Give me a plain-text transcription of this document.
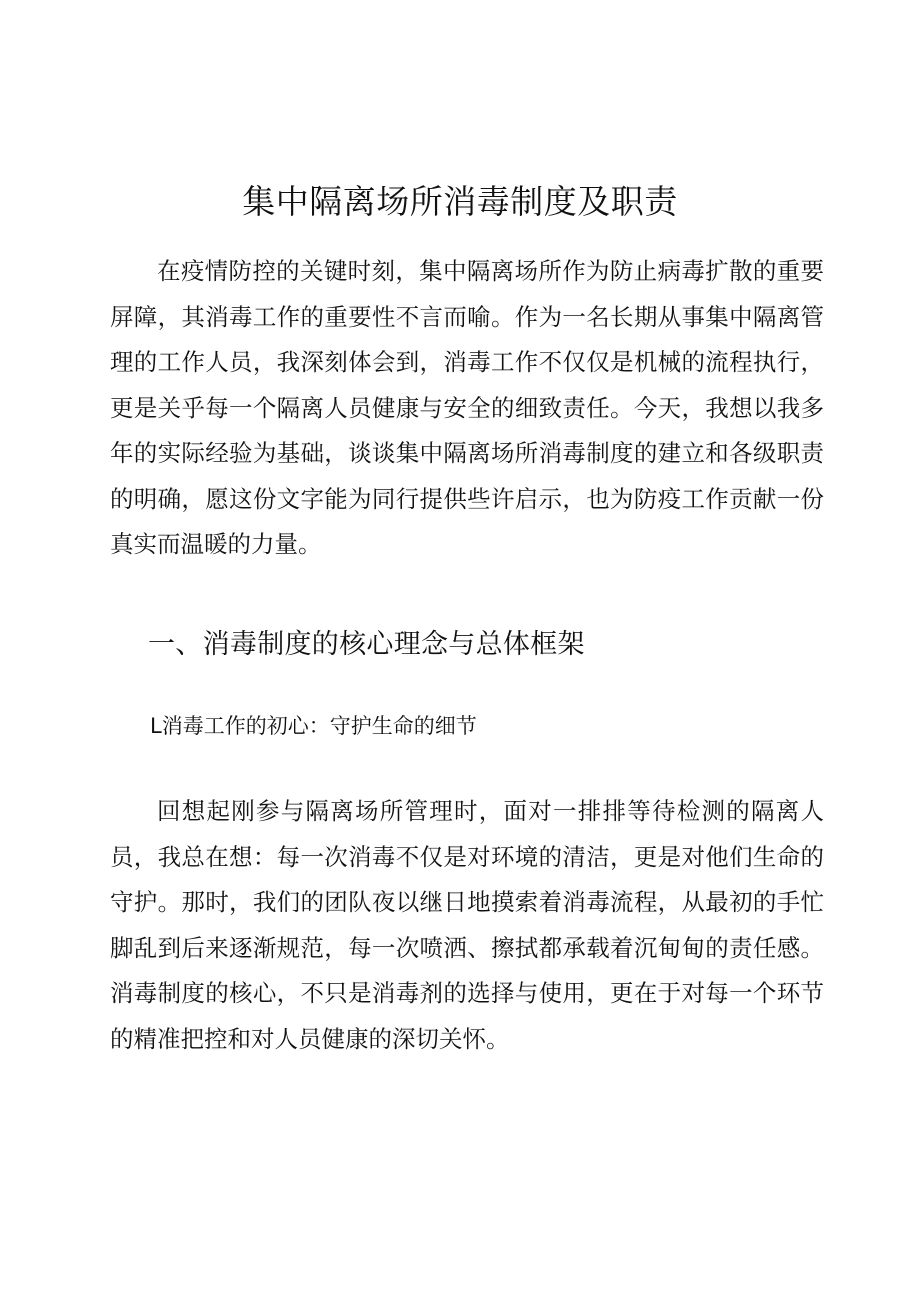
集中隔离场所消毒制度及职责

在疫情防控的关键时刻，集中隔离场所作为防止病毒扩散的重要屏障，其消毒工作的重要性不言而喻。作为一名长期从事集中隔离管理的工作人员，我深刻体会到，消毒工作不仅仅是机械的流程执行，更是关乎每一个隔离人员健康与安全的细致责任。今天，我想以我多年的实际经验为基础，谈谈集中隔离场所消毒制度的建立和各级职责的明确，愿这份文字能为同行提供些许启示，也为防疫工作贡献一份真实而温暖的力量。

一、消毒制度的核心理念与总体框架
L消毒工作的初心：守护生命的细节

回想起刚参与隔离场所管理时，面对一排排等待检测的隔离人员，我总在想：每一次消毒不仅是对环境的清洁，更是对他们生命的守护。那时，我们的团队夜以继日地摸索着消毒流程，从最初的手忙脚乱到后来逐渐规范，每一次喷洒、擦拭都承载着沉甸甸的责任感。消毒制度的核心，不只是消毒剂的选择与使用，更在于对每一个环节的精准把控和对人员健康的深切关怀。
